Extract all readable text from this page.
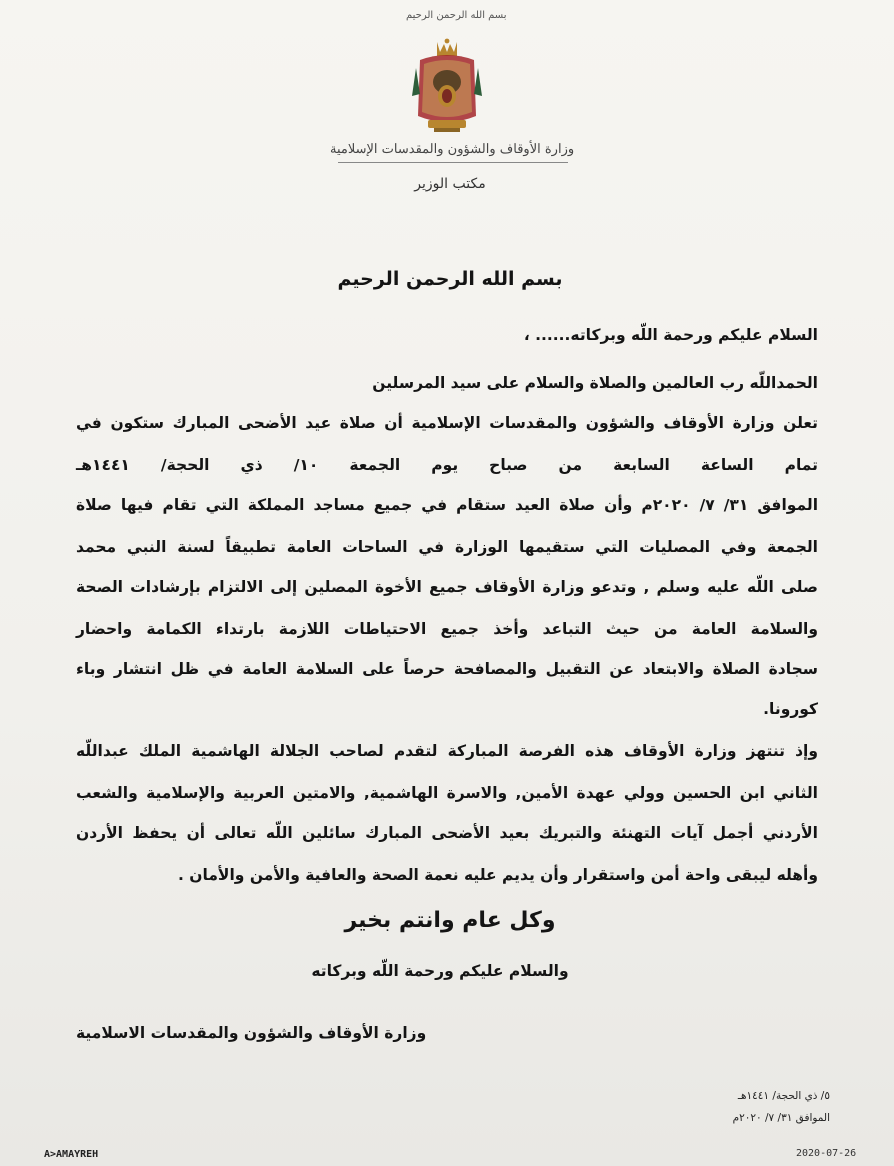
بسم الله الرحمن الرحيم
وزارة الأوقاف والشؤون والمقدسات الإسلامية
مكتب الوزير
بسم الله الرحمن الرحيم
السلام عليكم ورحمة اللّه وبركاته...... ،
الحمداللّه رب العالمين والصلاة والسلام على سيد المرسلين
تعلن وزارة الأوقاف والشؤون والمقدسات الإسلامية أن صلاة عيد الأضحى المبارك ستكون في
تمام الساعة السابعة من صباح يوم الجمعة ١٠/ ذي الحجة/ ١٤٤١هـ
الموافق ٣١/ ٧/ ٢٠٢٠م وأن صلاة العيد ستقام في جميع مساجد المملكة التي تقام فيها صلاة
الجمعة وفي المصليات التي ستقيمها الوزارة في الساحات العامة تطبيقاً لسنة النبي محمد
صلى اللّه عليه وسلم , وتدعو وزارة الأوقاف جميع الأخوة المصلين إلى الالتزام بإرشادات الصحة
والسلامة العامة من حيث التباعد وأخذ جميع الاحتياطات اللازمة بارتداء الكمامة واحضار
سجادة الصلاة والابتعاد عن التقبيل والمصافحة حرصاً على السلامة العامة في ظل انتشار وباء
كورونا.
وإذ تنتهز وزارة الأوقاف هذه الفرصة المباركة لتقدم لصاحب الجلالة الهاشمية الملك عبداللّه
الثاني ابن الحسين وولي عهدة الأمين, والاسرة الهاشمية, والامتين العربية والإسلامية والشعب
الأردني أجمل آيات التهنئة والتبريك بعيد الأضحى المبارك سائلين اللّه تعالى أن يحفظ الأردن
وأهله ليبقى واحة أمن واستقرار وأن يديم عليه نعمة الصحة والعافية والأمن والأمان .
وكل عام وانتم بخير
والسلام عليكم ورحمة اللّه وبركاته
وزارة الأوقاف والشؤون والمقدسات الاسلامية
٥/ ذي الحجة/ ١٤٤١هـ
الموافق ٣١/ ٧/ ٢٠٢٠م
A>AMAYREH	2020-07-26
